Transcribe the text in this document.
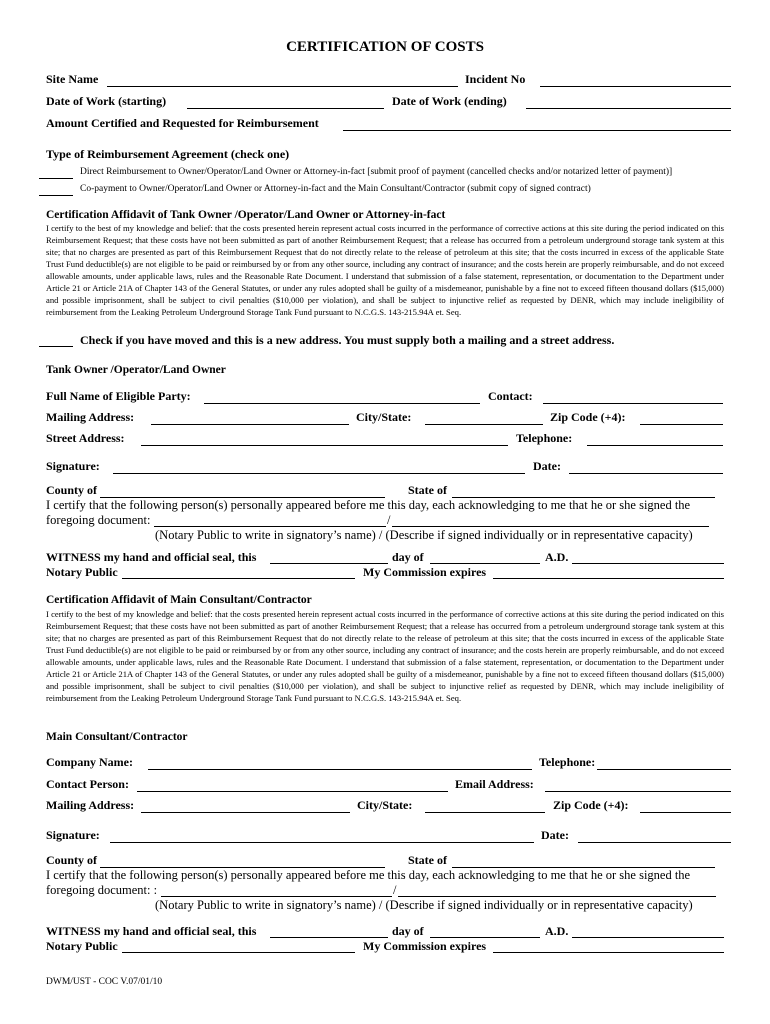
CERTIFICATION OF COSTS
Site Name	Incident No
Date of Work (starting)	Date of Work (ending)
Amount Certified and Requested for Reimbursement
Type of Reimbursement Agreement (check one)
Direct Reimbursement to Owner/Operator/Land Owner or Attorney-in-fact [submit proof of payment (cancelled checks and/or notarized letter of payment)]
Co-payment to Owner/Operator/Land Owner or Attorney-in-fact and the Main Consultant/Contractor (submit copy of signed contract)
Certification Affidavit of Tank Owner /Operator/Land Owner or Attorney-in-fact
I certify to the best of my knowledge and belief: that the costs presented herein represent actual costs incurred in the performance of corrective actions at this site during the period indicated on this Reimbursement Request; that these costs have not been submitted as part of another Reimbursement Request; that a release has occurred from a petroleum underground storage tank system at this site; that no charges are presented as part of this Reimbursement Request that do not directly relate to the release of petroleum at this site; that the costs incurred in excess of the applicable State Trust Fund deductible(s) are not eligible to be paid or reimbursed by or from any other source, including any contract of insurance; and the costs herein are properly reimbursable, and do not exceed allowable amounts, under applicable laws, rules and the Reasonable Rate Document. I understand that submission of a false statement, representation, or documentation to the Department under Article 21 or Article 21A of Chapter 143 of the General Statutes, or under any rules adopted shall be guilty of a misdemeanor, punishable by a fine not to exceed fifteen thousand dollars ($15,000) and possible imprisonment, shall be subject to civil penalties ($10,000 per violation), and shall be subject to injunctive relief as requested by DENR, which may include ineligibility of reimbursement from the Leaking Petroleum Underground Storage Tank Fund pursuant to N.C.G.S. 143-215.94A et. Seq.
Check if you have moved and this is a new address. You must supply both a mailing and a street address.
Tank Owner /Operator/Land Owner
Full Name of Eligible Party:	Contact:
Mailing Address:	City/State:	Zip Code (+4):
Street Address:	Telephone:
Signature:	Date:
County of	State of
I certify that the following person(s) personally appeared before me this day, each acknowledging to me that he or she signed the
foregoing document:	/
(Notary Public to write in signatory’s name) / (Describe if signed individually or in representative capacity)
WITNESS my hand and official seal, this	day of	A.D.
Notary Public	My Commission expires
Certification Affidavit of Main Consultant/Contractor
I certify to the best of my knowledge and belief: that the costs presented herein represent actual costs incurred in the performance of corrective actions at this site during the period indicated on this Reimbursement Request; that these costs have not been submitted as part of another Reimbursement Request; that a release has occurred from a petroleum underground storage tank system at this site; that no charges are presented as part of this Reimbursement Request that do not directly relate to the release of petroleum at this site; that the costs incurred in excess of the applicable State Trust Fund deductible(s) are not eligible to be paid or reimbursed by or from any other source, including any contract of insurance; and the costs herein are properly reimbursable, and do not exceed allowable amounts, under applicable laws, rules and the Reasonable Rate Document. I understand that submission of a false statement, representation, or documentation to the Department under Article 21 or Article 21A of Chapter 143 of the General Statutes, or under any rules adopted shall be guilty of a misdemeanor, punishable by a fine not to exceed fifteen thousand dollars ($15,000) and possible imprisonment, shall be subject to civil penalties ($10,000 per violation), and shall be subject to injunctive relief as requested by DENR, which may include ineligibility of reimbursement from the Leaking Petroleum Underground Storage Tank Fund pursuant to N.C.G.S. 143-215.94A et. Seq.
Main Consultant/Contractor
Company Name:	Telephone:
Contact Person:	Email Address:
Mailing Address:	City/State:	Zip Code (+4):
Signature:	Date:
County of	State of
I certify that the following person(s) personally appeared before me this day, each acknowledging to me that he or she signed the
foregoing document: :	/
(Notary Public to write in signatory’s name) / (Describe if signed individually or in representative capacity)
WITNESS my hand and official seal, this	day of	A.D.
Notary Public	My Commission expires
DWM/UST - COC V.07/01/10
